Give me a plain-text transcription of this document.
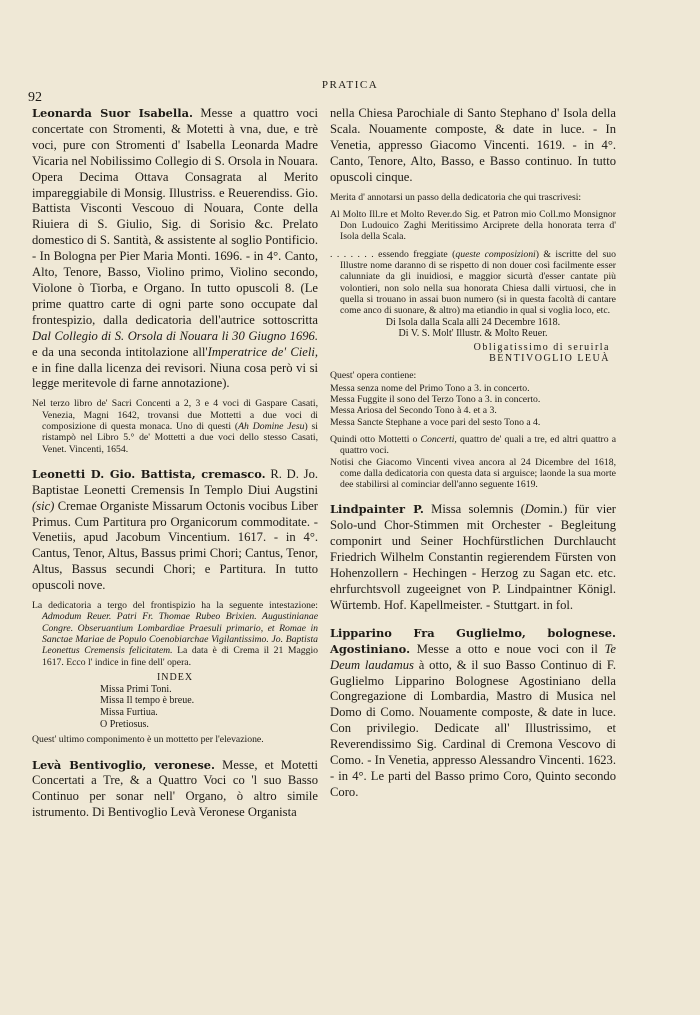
PRATICA
92

Leonarda Suor Isabella. Messe a quattro voci concertate con Stromenti, & Motetti à vna, due, e trè voci, pure con Stromenti d' Isabella Leonarda Madre Vicaria nel Nobilissimo Collegio di S. Orsola in Nouara. Opera Decima Ottava Consagrata al Merito impareggiabile di Monsig. Illustriss. e Reuerendiss. Gio. Battista Visconti Vescouo di Nouara, Conte della Riuiera di S. Giulio, Sig. di Sorisio &c. Prelato domestico di S. Santità, & assistente al soglio Pontificio. - In Bologna per Pier Maria Monti. 1696. - in 4°. Canto, Alto, Tenore, Basso, Violino primo, Violino secondo, Violone ò Tiorba, e Organo. In tutto opuscoli 8. (Le prime quattro carte di ogni parte sono occupate dal frontespizio, dalla dedicatoria dell'autrice sottoscritta Dal Collegio di S. Orsola di Nouara li 30 Giugno 1696. e da una seconda intitolazione all'Imperatrice de' Cieli, e in fine dalla licenza dei revisori. Niuna cosa però vi si legge meritevole di farne annotazione).

Nel terzo libro de' Sacri Concenti a 2, 3 e 4 voci di Gaspare Casati, Venezia, Magni 1642, trovansi due Mottetti a due voci di composizione di questa monaca. Uno di questi (Ah Domine Jesu) si ristampò nel Libro 5.° de' Mottetti a due voci dello stesso Casati, Venet. Vincenti, 1654.

Leonetti D. Gio. Battista, cremasco. R. D. Jo. Baptistae Leonetti Cremensis In Templo Diui Augstini (sic) Cremae Organiste Missarum Octonis vocibus Liber Primus. Cum Partitura pro Organicorum commoditate. - Venetiis, apud Jacobum Vincentium. 1617. - in 4°. Cantus, Tenor, Altus, Bassus primi Chori; Cantus, Tenor, Altus, Bassus secundi Chori; e Partitura. In tutto opuscoli nove.

La dedicatoria a tergo del frontispizio ha la seguente intestazione: Admodum Reuer. Patri Fr. Thomae Rubeo Brixien. Augustinianae Congre. Obseruantium Lombardiae Praesuli primario, et Romae in Sanctae Mariae de Populo Coenobiarchae Vigilantissimo. Jo. Baptista Leonettus Cremensis felicitatem. La data è di Crema il 21 Maggio 1617. Ecco l' indice in fine dell' opera.

INDEX
Missa Primi Toni.
Missa Il tempo è breue.
Missa Furtiua.
O Pretiosus.

Quest' ultimo componimento è un mottetto per l'elevazione.

Levà Bentivoglio, veronese. Messe, et Motetti Concertati a Tre, & a Quattro Voci co 'l suo Basso Continuo per sonar nell' Organo, ò altro simile istrumento. Di Bentivoglio Levà Veronese Organista

nella Chiesa Parochiale di Santo Stephano d' Isola della Scala. Nouamente composte, & date in luce. - In Venetia, appresso Giacomo Vincenti. 1619. - in 4°. Canto, Tenore, Alto, Basso, e Basso continuo. In tutto opuscoli cinque.

Merita d' annotarsi un passo della dedicatoria che qui trascrivesi:

Al Molto Ill.re et Molto Rever.do Sig. et Patron mio Coll.mo Monsignor Don Ludouico Zaghi Meritissimo Arciprete della honorata terra d' Isola della Scala.

. . . . . . . essendo freggiate (queste composizioni) & iscritte del suo Illustre nome daranno di se rispetto di non douer così facilmente esser calunniate da gli inuidiosi, e maggior sicurtà d'esser cantate più volontieri, non solo nella sua honorata Chiesa dalli virtuosi, che in quella si trouano in assai buon numero (si in questa facoltà di cantare come anco di suonare, & altro) ma etiandio in qual si voglia loco, etc.

Di Isola dalla Scala alli 24 Decembre 1618.
Di V. S. Molt' Illustr. & Molto Reuer.
Obligatissimo di seruirla
BENTIVOGLIO LEUÀ

Quest' opera contiene:

Messa senza nome del Primo Tono a 3. in concerto.
Messa Fuggite il sono del Terzo Tono a 3. in concerto.
Messa Ariosa del Secondo Tono à 4. et a 3.
Messa Sancte Stephane a voce pari del sesto Tono a 4.

Quindi otto Mottetti o Concerti, quattro de' quali a tre, ed altri quattro a quattro voci.

Notisi che Giacomo Vincenti vivea ancora al 24 Dicembre del 1618, come dalla dedicatoria con questa data si arguisce; laonde la sua morte dee stabilirsi al cominciar dell'anno seguente 1619.

Lindpainter P. Missa solemnis (Domin.) für vier Solo-und Chor-Stimmen mit Orchester - Begleitung componirt und Seiner Hochfürstlichen Durchlaucht Friedrich Wilhelm Constantin regierendem Fürsten von Hohenzollern - Hechingen - Herzog zu Sagan etc. etc. ehrfurchtsvoll zugeeignet von P. Lindpaintner Königl. Würtemb. Hof. Kapellmeister. - Stuttgart. in fol.

Lipparino Fra Guglielmo, bolognese. Agostiniano. Messe a otto e noue voci con il Te Deum laudamus à otto, & il suo Basso Continuo di F. Guglielmo Lipparino Bolognese Agostiniano della Congregazione di Lombardia, Mastro di Musica nel Domo di Como. Nouamente composte, & date in luce. Con privilegio. Dedicate all' Illustrissimo, et Reverendissimo Sig. Cardinal di Cremona Vescovo di Como. - In Venetia, appresso Alessandro Vincenti. 1623. - in 4°. Le parti del Basso primo Coro, Quinto secondo Coro.
